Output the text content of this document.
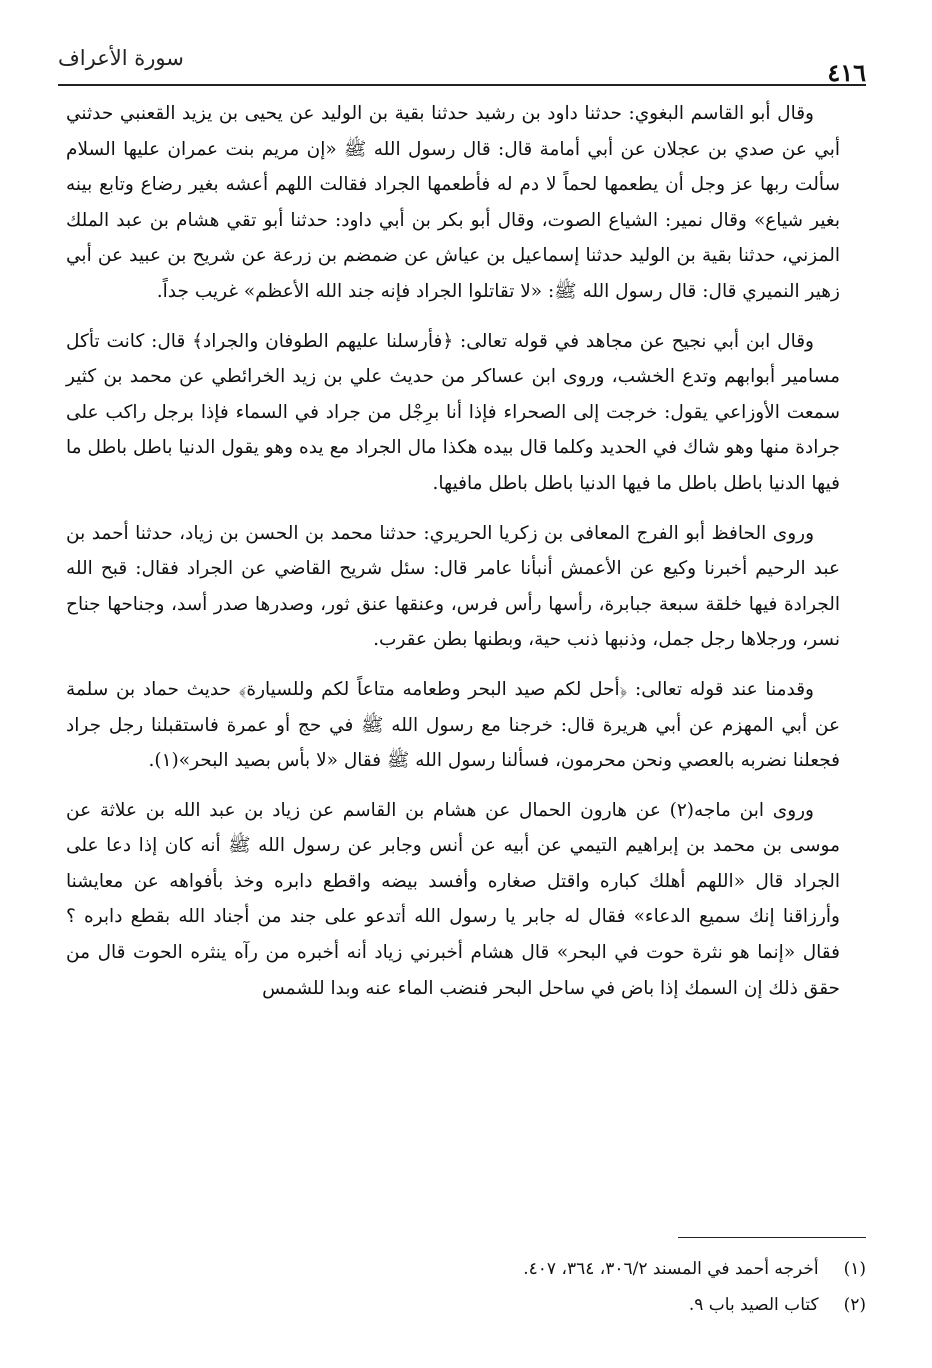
٤١٦
سورة الأعراف

وقال أبو القاسم البغوي: حدثنا داود بن رشيد حدثنا بقية بن الوليد عن يحيى بن يزيد القعنبي حدثني أبي عن صدي بن عجلان عن أبي أمامة قال: قال رسول الله ﷺ «إن مريم بنت عمران عليها السلام سألت ربها عز وجل أن يطعمها لحماً لا دم له فأطعمها الجراد فقالت اللهم أعشه بغير رضاع وتابع بينه بغير شياع» وقال نمير: الشياع الصوت، وقال أبو بكر بن أبي داود: حدثنا أبو تقي هشام بن عبد الملك المزني، حدثنا بقية بن الوليد حدثنا إسماعيل بن عياش عن ضمضم بن زرعة عن شريح بن عبيد عن أبي زهير النميري قال: قال رسول الله ﷺ: «لا تقاتلوا الجراد فإنه جند الله الأعظم» غريب جداً.

وقال ابن أبي نجيح عن مجاهد في قوله تعالى: ﴿فأرسلنا عليهم الطوفان والجراد﴾ قال: كانت تأكل مسامير أبوابهم وتدع الخشب، وروى ابن عساكر من حديث علي بن زيد الخرائطي عن محمد بن كثير سمعت الأوزاعي يقول: خرجت إلى الصحراء فإذا أنا برِجْل من جراد في السماء فإذا برجل راكب على جرادة منها وهو شاك في الحديد وكلما قال بيده هكذا مال الجراد مع يده وهو يقول الدنيا باطل باطل ما فيها الدنيا باطل باطل ما فيها الدنيا باطل باطل مافيها.

وروى الحافظ أبو الفرج المعافى بن زكريا الحريري: حدثنا محمد بن الحسن بن زياد، حدثنا أحمد بن عبد الرحيم أخبرنا وكيع عن الأعمش أنبأنا عامر قال: سئل شريح القاضي عن الجراد فقال: قبح الله الجرادة فيها خلقة سبعة جبابرة، رأسها رأس فرس، وعنقها عنق ثور، وصدرها صدر أسد، وجناحها جناح نسر، ورجلاها رجل جمل، وذنبها ذنب حية، وبطنها بطن عقرب.

وقدمنا عند قوله تعالى: ﴿أحل لكم صيد البحر وطعامه متاعاً لكم وللسيارة﴾ حديث حماد بن سلمة عن أبي المهزم عن أبي هريرة قال: خرجنا مع رسول الله ﷺ في حج أو عمرة فاستقبلنا رجل جراد فجعلنا نضربه بالعصي ونحن محرمون، فسألنا رسول الله ﷺ فقال «لا بأس بصيد البحر»(١).

وروى ابن ماجه(٢) عن هارون الحمال عن هشام بن القاسم عن زياد بن عبد الله بن علاثة عن موسى بن محمد بن إبراهيم التيمي عن أبيه عن أنس وجابر عن رسول الله ﷺ أنه كان إذا دعا على الجراد قال «اللهم أهلك كباره واقتل صغاره وأفسد بيضه واقطع دابره وخذ بأفواهه عن معايشنا وأرزاقنا إنك سميع الدعاء» فقال له جابر يا رسول الله أتدعو على جند من أجناد الله بقطع دابره ؟ فقال «إنما هو نثرة حوت في البحر» قال هشام أخبرني زياد أنه أخبره من رآه ينثره الحوت قال من حقق ذلك إن السمك إذا باض في ساحل البحر فنضب الماء عنه وبدا للشمس

(١) أخرجه أحمد في المسند ٣٠٦/٢، ٣٦٤، ٤٠٧.

(٢) كتاب الصيد باب ٩.
